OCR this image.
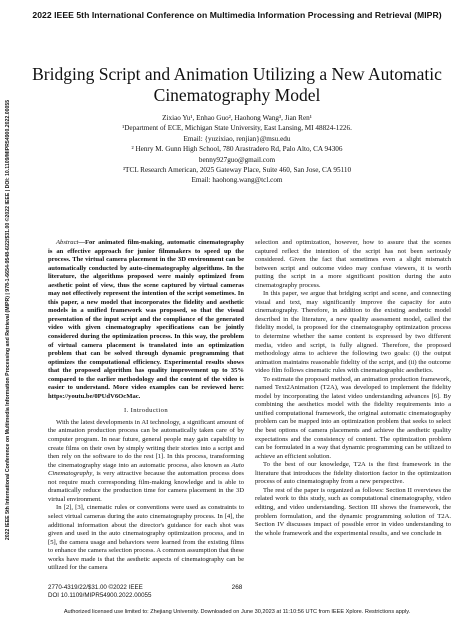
2022 IEEE 5th International Conference on Multimedia Information Processing and Retrieval (MIPR)
2022 IEEE 5th International Conference on Multimedia Information Processing and Retrieval (MIPR) | 978-1-6654-9548-6/22/$31.00 ©2022 IEEE | DOI: 10.1109/MIPR54900.2022.00055
Bridging Script and Animation Utilizing a New Automatic Cinematography Model
Zixiao Yu¹, Enhao Guo², Haohong Wang³, Jian Ren¹
¹Department of ECE, Michigan State University, East Lansing, MI 48824-1226.
Email: {yuzixiao, renjian}@msu.edu
² Henry M. Gunn High School, 780 Arastradero Rd, Palo Alto, CA 94306
benny927guo@gmail.com
³TCL Research American, 2025 Gateway Place, Suite 460, San Jose, CA 95110
Email: haohong.wang@tcl.com

Abstract—For animated film-making, automatic cinematography is an effective approach for junior filmmakers to speed up the process. The virtual camera placement in the 3D environment can be automatically conducted by auto-cinematography algorithms. In the literature, the algorithms proposed were mainly optimized from aesthetic point of view, thus the scene captured by virtual cameras may not effectively represent the intention of the script sometimes. In this paper, a new model that incorporates the fidelity and aesthetic models in a unified framework was proposed, so that the visual presentation of the input script and the compliance of the generated video with given cinematography specifications can be jointly considered during the optimization process. In this way, the problem of virtual camera placement is translated into an optimization problem that can be solved through dynamic programming that optimizes the computational efficiency. Experimental results shows that the proposed algorithm has quality improvement up to 35% compared to the earlier methodology and the content of the video is easier to understand. More video examples can be reviewed here: https://youtu.be/0PUdV6OcMac.

I. Introduction

With the latest developments in AI technology, a significant amount of the animation production process can be automatically taken care of by computer program. In near future, general people may gain capability to create films on their own by simply writing their stories into a script and then rely on the software to do the rest [1]. In this process, transforming the cinematography stage into an automatic process, also known as Auto Cinematography, is very attractive because the automation process does not require much corresponding film-making knowledge and is able to dramatically reduce the production time for camera placement in the 3D virtual environment.

In [2], [3], cinematic rules or conventions were used as constraints to select virtual cameras during the auto cinematography process. In [4], the additional information about the director's guidance for each shot was given and used in the auto cinematography optimization process, and in [5], the camera usage and behaviors were learned from the existing films to enhance the camera selection process. A common assumption that these works have made is that the aesthetic aspects of cinematography can be utilized for the camera

selection and optimization, however, how to assure that the scenes captured reflect the intention of the script has not been seriously considered. Given the fact that sometimes even a slight mismatch between script and outcome video may confuse viewers, it is worth putting the script in a more significant position during the auto cinematography process.

In this paper, we argue that bridging script and scene, and connecting visual and text, may significantly improve the capacity for auto cinematography. Therefore, in addition to the existing aesthetic model described in the literature, a new quality assessment model, called the fidelity model, is proposed for the cinematography optimization process to determine whether the same content is expressed by two different media, video and script, is fully aligned. Therefore, the proposed methodology aims to achieve the following two goals: (i) the output animation maintains reasonable fidelity of the script, and (ii) the outcome video film follows cinematic rules with cinematographic aesthetics.

To estimate the proposed method, an animation production framework, named Text2Animation (T2A), was developed to implement the fidelity model by incorporating the latest video understanding advances [6]. By combining the aesthetics model with the fidelity requirements into a unified computational framework, the original automatic cinematography problem can be mapped into an optimization problem that seeks to select the best options of camera placements and achieve the aesthetic quality expectations and the consistency of content. The optimization problem can be formulated in a way that dynamic programming can be utilized to achieve an efficient solution.

To the best of our knowledge, T2A is the first framework in the literature that introduces the fidelity distortion factor in the optimization process of auto cinematography from a new perspective.

The rest of the paper is organized as follows: Section II overviews the related work to this study, such as computational cinematography, video editing, and video understanding. Section III shows the framework, the problem formulation, and the dynamic programming solution of T2A. Section IV discusses impact of possible error in video understanding to the whole framework and the experimental results, and we conclude in

2770-4319/22/$31.00 ©2022 IEEE
DOI 10.1109/MIPR54900.2022.00055
268
Authorized licensed use limited to: Zhejiang University. Downloaded on June 30,2023 at 11:10:56 UTC from IEEE Xplore. Restrictions apply.
